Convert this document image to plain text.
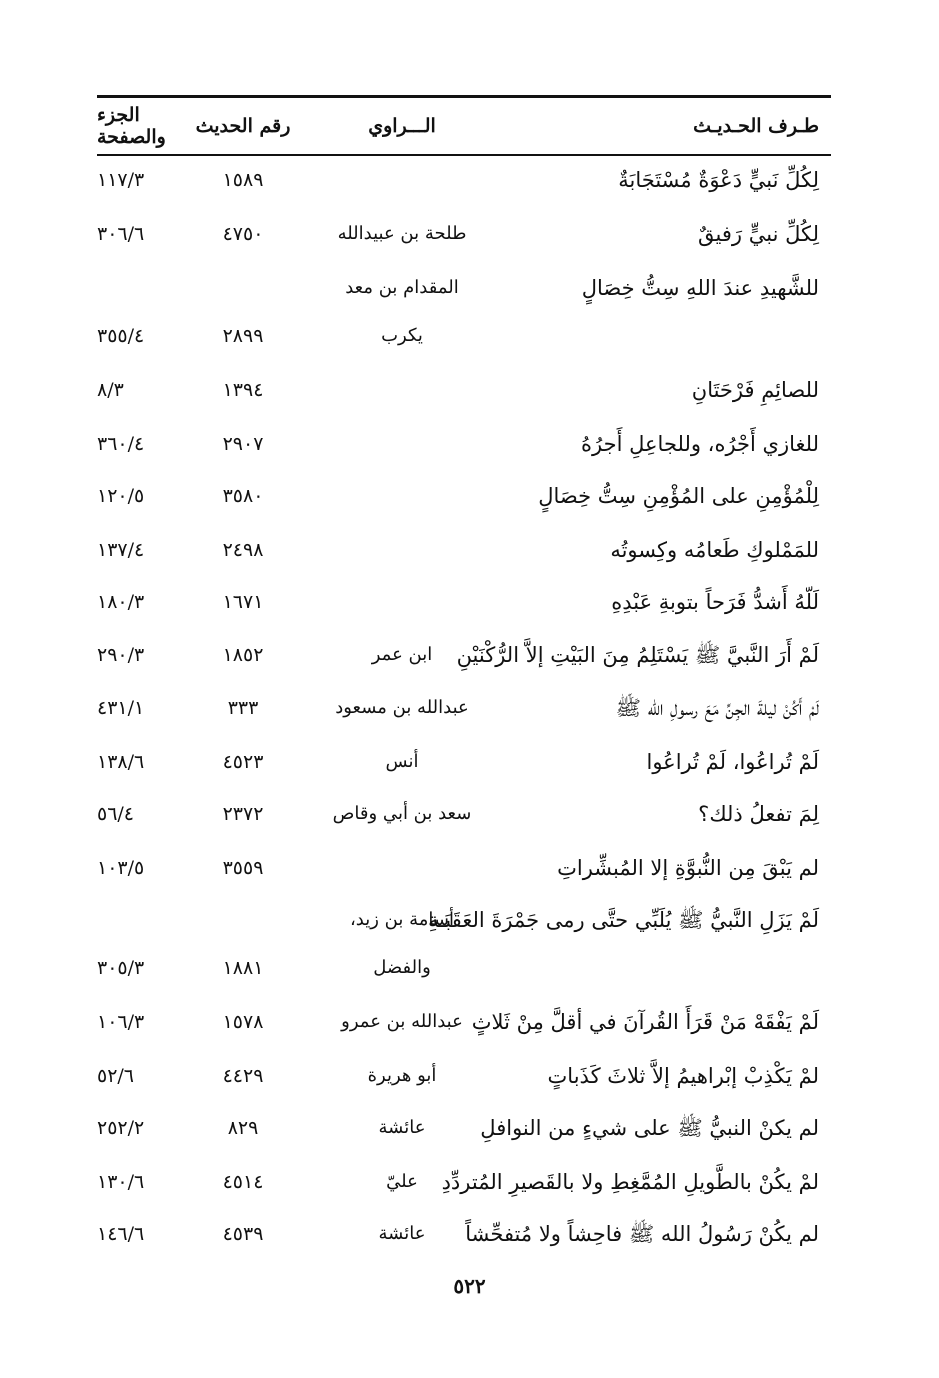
طـرف الحـديـث
الـــراوي
رقم الحديث
الجزء والصفحة
لِكُلِّ نَبيٍّ دَعْوَةٌ مُسْتَجَابَةٌ
١٥٨٩
١١٧/٣
لِكُلِّ نبيٍّ رَفيقٌ
طلحة بن عبيدالله
٤٧٥٠
٣٠٦/٦
للشَّهيدِ عندَ اللهِ سِتُّ خِصَالٍ
المقدام بن معد
يكرب
٢٨٩٩
٣٥٥/٤
للصائِمِ فَرْحَتَانِ
١٣٩٤
٨/٣
للغازي أَجْرُه، وللجاعِلِ أَجرُهُ
٢٩٠٧
٣٦٠/٤
لِلْمُؤْمِنِ على المُؤْمِنِ سِتُّ خِصَالٍ
٣٥٨٠
١٢٠/٥
للمَمْلوكِ طَعامُه وكِسوتُه
٢٤٩٨
١٣٧/٤
لَلّهُ أَشدُّ فَرَحاً بتوبةِ عَبْدِهِ
١٦٧١
١٨٠/٣
لَمْ أَرَ النَّبيَّ ﷺ يَسْتَلِمُ مِنَ البَيْتِ إلاَّ الرُّكْنَيْنِ
ابن عمر
١٨٥٢
٢٩٠/٣
لَمْ أَكُنْ ليلةَ الجِنِّ مَعَ رسولِ الله ﷺ
عبدالله بن مسعود
٣٣٣
٤٣١/١
لَمْ تُراعُوا، لَمْ تُراعُوا
أنس
٤٥٢٣
١٣٨/٦
لِمَ تفعلُ ذلك؟
سعد بن أبي وقاص
٢٣٧٢
٥٦/٤
لم يَبْقَ مِن النُّبوَّةِ إلا المُبشِّراتِ
٣٥٥٩
١٠٣/٥
لَمْ يَزَلِ النَّبيُّ ﷺ يُلَبِّي حتَّى رمى جَمْرَةَ العَقَبَـةِ
أسامة بن زيد،
والفضل
١٨٨١
٣٠٥/٣
لَمْ يَفْقَهْ مَنْ قَرَأَ القُرآنَ في أقلَّ مِنْ ثَلاثٍ
عبدالله بن عمرو
١٥٧٨
١٠٦/٣
لمْ يَكْذِبْ إبْراهيمُ إلاَّ ثلاثَ كَذَباتٍ
أبو هريرة
٤٤٢٩
٥٢/٦
لم يكنْ النبيُّ ﷺ على شيءٍ من النوافلِ
عائشة
٨٢٩
٢٥٢/٢
لمْ يكُنْ بالطَّويلِ المُمَّغِطِ ولا بالقَصيرِ المُتردِّدِ
عليّ
٤٥١٤
١٣٠/٦
لم يكُنْ رَسُولُ الله ﷺ فاحِشاً ولا مُتفحِّشاً
عائشة
٤٥٣٩
١٤٦/٦
٥٢٢
